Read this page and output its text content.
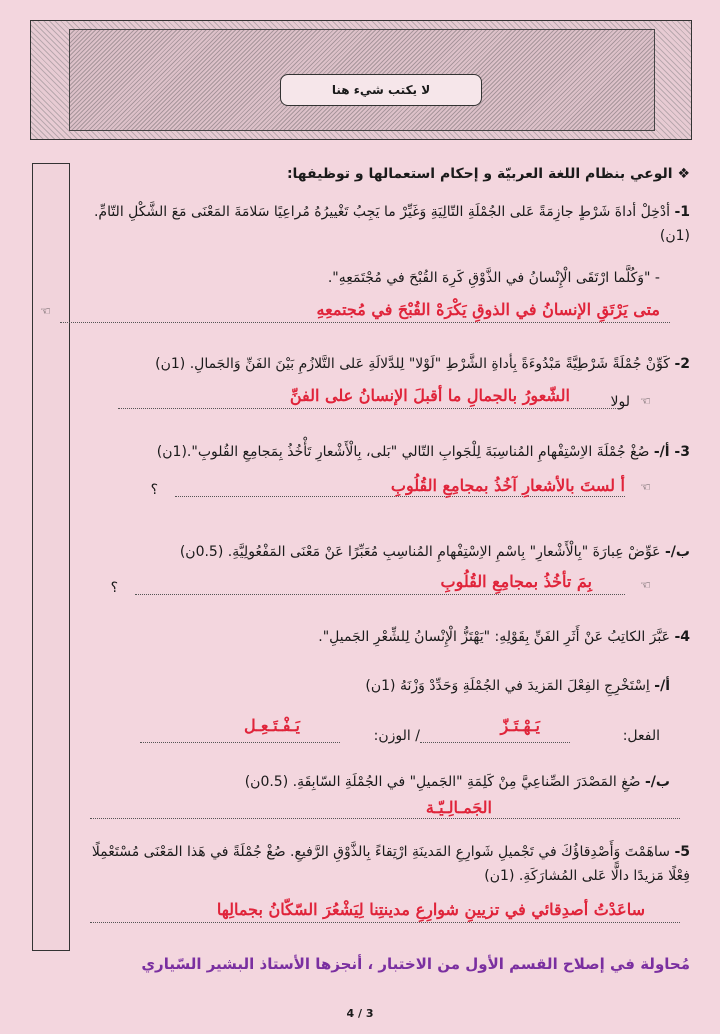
لا يكتب شيء هنا
❖ الوعي بنظام اللغة العربيّة و إحكام استعمالها و توظيفها:
1- أدْخِلْ أداةَ شَرْطٍ جازِمَةً عَلى الجُمْلَةِ التّالِيَةِ وَغَيِّرْ ما يَجِبُ تَغْييرُهُ مُراعِيًا سَلامَةَ المَعْنَى مَعَ الشَّكْلِ التّامِّ. (1ن)
- "وَكُلَّما ارْتَقَى الْإِنْسانُ في الذَّوْقِ كَرِهَ القُبْحَ في مُجْتَمَعِهِ".
☜	متى يَرْتَقِ الإنسانُ في الذوقِ يَكْرَهْ القُبْحَ في مُجتمعِهِ
2- كَوِّنْ جُمْلَةً شَرْطِيَّةً مَبْدُوءَةً بِأداةِ الشَّرْطِ "لَوْلا" لِلدَّلالَةِ عَلى التَّلازُمِ بَيْنَ الفَنِّ وَالجَمالِ. (1ن)
☜
لولا
الشّعورُ بالجمالِ ما أقبلَ الإنسانُ على الفنِّ
3- أ/- صُغْ جُمْلَةَ الاِسْتِفْهامِ المُناسِبَةَ لِلْجَوابِ التّالي "بَلى، بِالْأَشْعارِ تَأْخُذُ بِمَجامِعِ القُلوبِ".(1ن)
☜
؟	أ لستَ بالأشعارِ آخُذُ بمجامِعِ القُلُوبِ
ب/- عَوِّضْ عِبارَةَ "بِالْأَشْعارِ" بِاسْمِ الاِسْتِفْهامِ المُناسِبِ مُعَبِّرًا عَنْ مَعْنَى المَفْعُولِيَّةِ. (0.5ن)
☜
؟	بِمَ تأخُذُ بمجامِعِ القُلُوبِ
4- عَبَّرَ الكاتِبُ عَنْ أَثَرِ الفَنِّ بِقَوْلِهِ: "يَهْتَزُّ الْإِنْسانُ لِلشِّعْرِ الجَميلِ".
أ/- اِسْتَخْرِجِ الفِعْلَ المَزيدَ في الجُمْلَةِ وَحَدِّدْ وَزْنَهُ (1ن)
الفعل:
يَـهْـتَـزّ
/ الوزن:
يَـفْـتَـعِـل
ب/- صُغِ المَصْدَرَ الصِّناعِيَّ مِنْ كَلِمَةِ "الجَميلِ" في الجُمْلَةِ السّابِقَةِ. (0.5ن)
الجَمـالِـيّـة
5- ساهَمْتَ وَأَصْدِقاؤُكَ في تَجْميلِ شَوارِعِ المَدينَةِ ارْتِقاءً بِالذَّوْقِ الرَّفيعِ. صُغْ جُمْلَةً في هَذا المَعْنَى مُسْتَعْمِلًا فِعْلًا مَزيدًا دالًّا عَلى المُشارَكَةِ. (1ن)
ساعَدْتُ أصدِقائي في تزيينِ شوارِعِ مدينتِنا لِيَشْعُرَ السّكّانُ بجمالِها
مُحاولة في إصلاح القسم الأول من الاختبار ، أنجزها الأستاذ البشير السّياري
4 / 3
